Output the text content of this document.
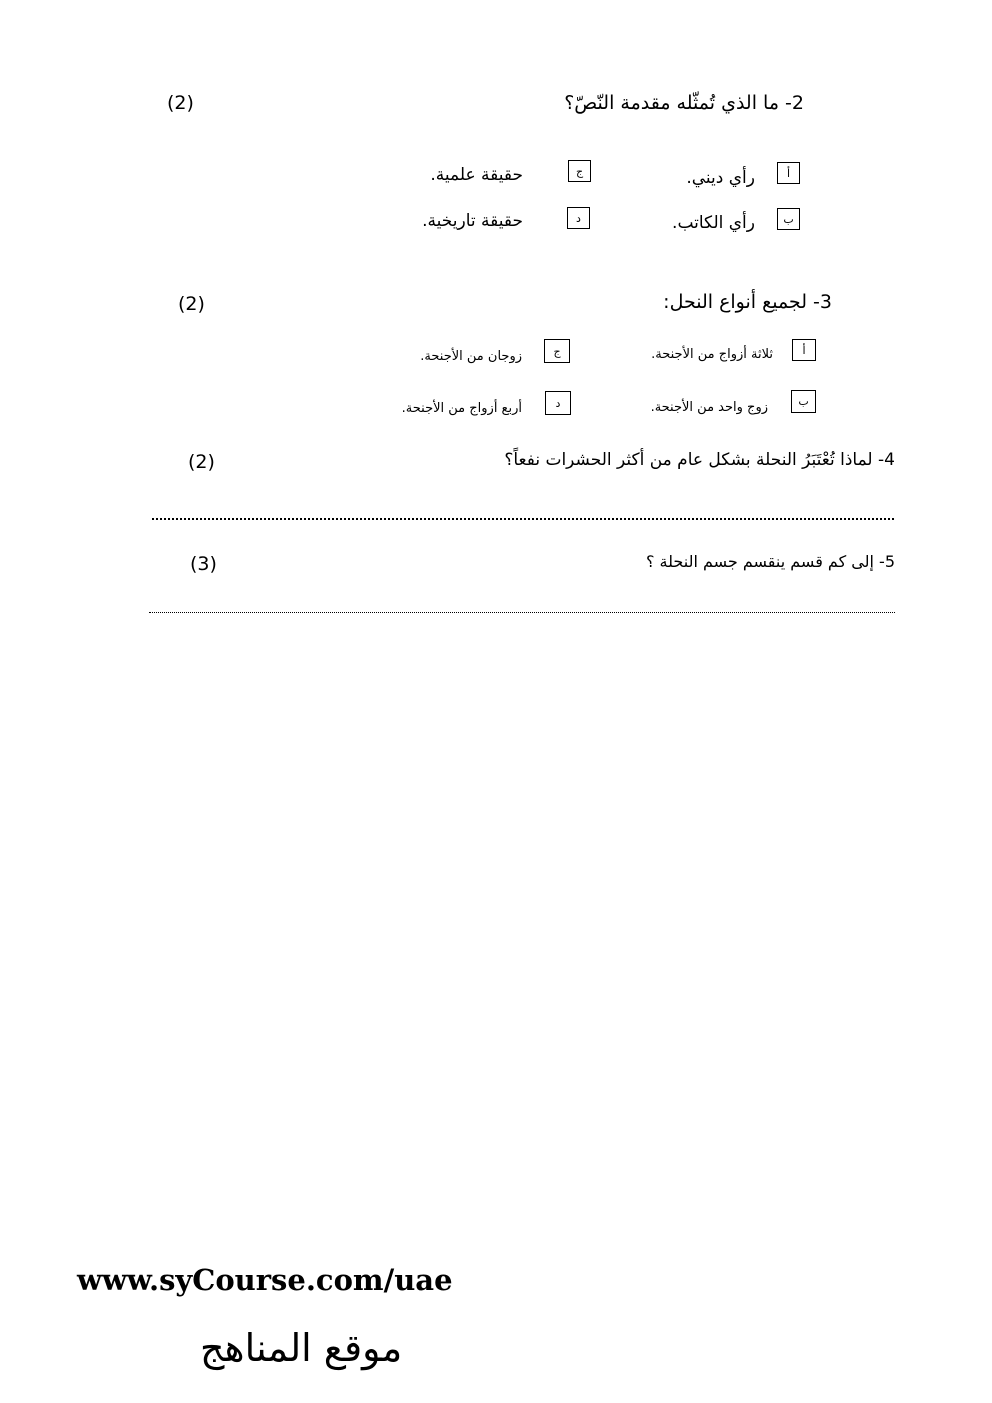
(2)	2- ما الذي تُمثّله مقدمة النّصّ؟
أ
رأي ديني.
ب
رأي الكاتب.
ج
حقيقة علمية.
د
حقيقة تاريخية.
(2)	3- لجميع أنواع النحل:
أ
ثلاثة أزواج من الأجنحة.
ب
زوج واحد من الأجنحة.
ج
زوجان من الأجنحة.
د
أربع أزواج من الأجنحة.
(2)	4- لماذا تُعْتَبَرُ النحلة بشكل عام من أكثر الحشرات نفعاً؟
(3)	5- إلى كم قسم ينقسم جسم النحلة ؟
www.syCourse.com/uae
موقع المناهج
